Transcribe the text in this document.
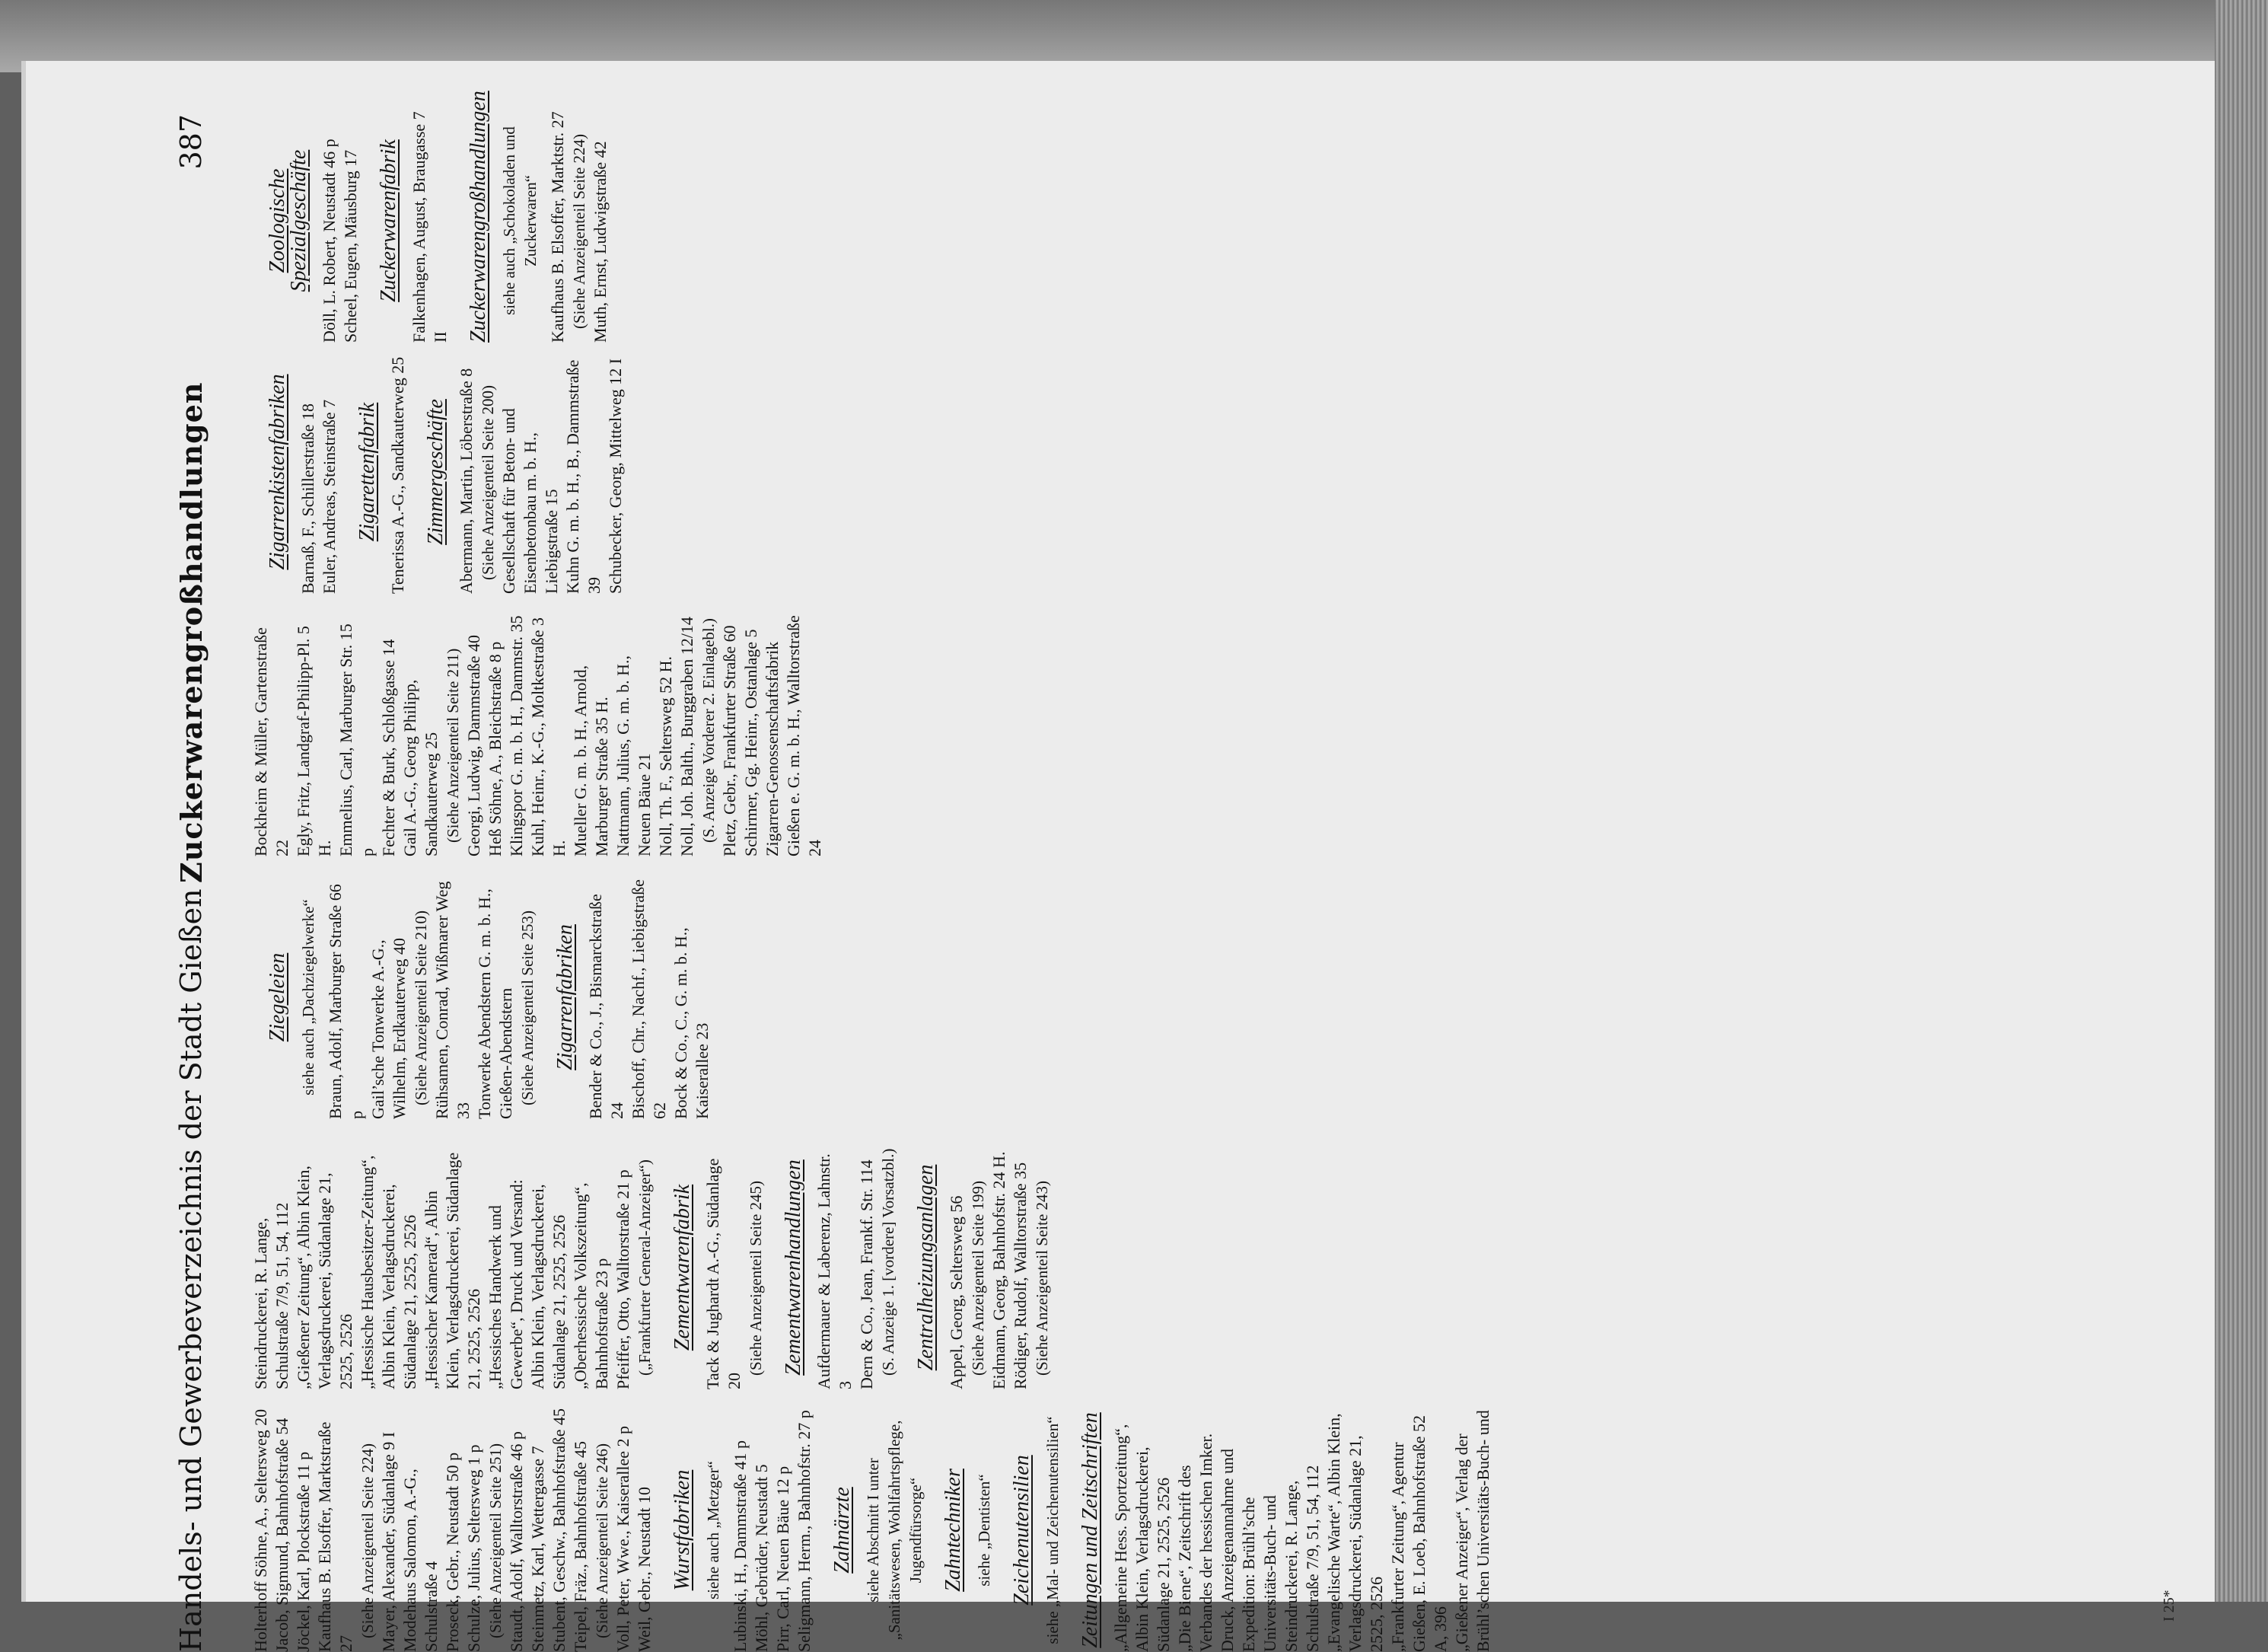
Handels- und Gewerbeverzeichnis der Stadt Gießen
Zuckerwarengroßhandlungen
387

Holterhoff Söhne, A., Seltersweg 20 Jacob, Sigmund, Bahnhofstraße 54 Jöckel, Karl, Plockstraße 11 p Kaufhaus B. Elsoffer, Marktstraße 27

(Siehe Anzeigenteil Seite 224) Mayer, Alexander, Südanlage 9 I Modehaus Salomon, A.-G., Schulstraße 4 Proseck, Gebr., Neustadt 50 p Schulze, Julius, Seltersweg 1 p (Siehe Anzeigenteil Seite 251) Staudt, Adolf, Walltorstraße 46 p Steinmetz, Karl, Wettergasse 7 Stubent, Geschw., Bahnhofstraße 45 Teipel, Fräz., Bahnhofstraße 45 (Siehe Anzeigenteil Seite 246) Voll, Peter, Wwe., Kaiserallee 2 p Weil, Gebr., Neustadt 10 Wurstfabriken siehe auch „Metzger“ Lubinski, H., Dammstraße 41 p Möhl, Gebrüder, Neustadt 5 Pirr, Carl, Neuen Bäue 12 p Seligmann, Herm., Bahnhofstr. 27 p Zahnärzte siehe Abschnitt I unter „Sanitätswesen, Wohlfahrtspflege, Jugendfürsorge“ Zahntechniker siehe „Dentisten“ Zeichenutensilien siehe „Mal- und Zeichenutensilien“ Zeitungen und Zeitschriften „Allgemeine Hess. Sportzeitung“, Albin Klein, Verlagsdruckerei, Südanlage 21, 2525, 2526 „Die Biene“, Zeitschrift des Verbandes der hessischen Imker. Druck, Anzeigenannahme und Expedition: Brühl’sche Universitäts-Buch- und Steindruckerei, R. Lange, Schulstraße 7/9, 51, 54, 112 „Evangelische Warte“, Albin Klein, Verlagsdruckerei, Südanlage 21, 2525, 2526 „Frankfurter Zeitung“, Agentur Gießen, E. Loeb, Bahnhofstraße 52 A, 396 „Gießener Anzeiger“, Verlag der Brühl’schen Universitäts-Buch- und

Steindruckerei, R. Lange, Schulstraße 7/9, 51, 54, 112 „Gießener Zeitung“, Albin Klein, Verlagsdruckerei, Südanlage 21, 2525, 2526 „Hessische Hausbesitzer-Zeitung“, Albin Klein, Verlagsdruckerei, Südanlage 21, 2525, 2526 „Hessischer Kamerad“, Albin Klein, Verlagsdruckerei, Südanlage 21, 2525, 2526 „Hessisches Handwerk und Gewerbe“, Druck und Versand: Albin Klein, Verlagsdruckerei, Südanlage 21, 2525, 2526 „Oberhessische Volkszeitung“, Bahnhofstraße 23 p Pfeiffer, Otto, Walltorstraße 21 p („Frankfurter General-Anzeiger“) Zementwarenfabrik Tack & Jughardt A.-G., Südanlage 20

(Siehe Anzeigenteil Seite 245) Zementwarenhandlungen Aufdermauer & Laberenz, Lahnstr. 3 Dern & Co., Jean, Frankf. Str. 114 (S. Anzeige 1. [vordere] Vorsatzbl.) Zentralheizungsanlagen Appel, Georg, Seltersweg 56 (Siehe Anzeigenteil Seite 199) Eidmann, Georg, Bahnhofstr. 24 H. Rödiger, Rudolf, Walltorstraße 35 (Siehe Anzeigenteil Seite 243)

Ziegeleien siehe auch „Dachziegelwerke“ Braun, Adolf, Marburger Straße 66 p Gail’sche Tonwerke A.-G., Wilhelm, Erdkauterweg 40 (Siehe Anzeigenteil Seite 210) Rühsamen, Conrad, Wißmarer Weg 33 Tonwerke Abendstern G. m. b. H., Gießen-Abendstern (Siehe Anzeigenteil Seite 253) Zigarrenfabriken Bender & Co., J., Bismarckstraße 24 Bischoff, Chr., Nachf., Liebigstraße 62 Bock & Co., C., G. m. b. H., Kaiserallee 23

Bockheim & Müller, Gartenstraße 22 Egly, Fritz, Landgraf-Philipp-Pl. 5 H. Emmelius, Carl, Marburger Str. 15 p Fechter & Burk, Schloßgasse 14 Gail A.-G., Georg Philipp, Sandkauterweg 25 (Siehe Anzeigenteil Seite 211) Georgi, Ludwig, Dammstraße 40 Heß Söhne, A., Bleichstraße 8 p Klingspor G. m. b. H., Dammstr. 35 Kuhl, Heinr., K.-G., Moltkestraße 3 H. Mueller G. m. b. H., Arnold, Marburger Straße 35 H. Nattmann, Julius, G. m. b. H., Neuen Bäue 21 Noll, Th. F., Seltersweg 52 H. Noll, Joh. Balth., Burggraben 12/14 (S. Anzeige Vorderer 2. Einlagebl.) Pletz, Gebr., Frankfurter Straße 60 Schirmer, Gg. Heinr., Ostanlage 5 Zigarren-Genossenschaftsfabrik Gießen e. G. m. b. H., Walltorstraße 24

Zigarrenkistenfabriken Barnaß, F., Schillerstraße 18 Euler, Andreas, Steinstraße 7 Zigarettenfabrik Tenerissa A.-G., Sandkauterweg 25 Zimmergeschäfte Abermann, Martin, Löberstraße 8 (Siehe Anzeigenteil Seite 200) Gesellschaft für Beton- und Eisenbetonbau m. b. H., Liebigstraße 15 Kuhn G. m. b. H., B., Dammstraße 39 Schubecker, Georg, Mittelweg 12 I

Zoologische Spezialgeschäfte Döll, L. Robert, Neustadt 46 p Scheel, Eugen, Mäusburg 17 Zuckerwarenfabrik Falkenhagen, August, Braugasse 7 II Zuckerwarengroßhandlungen siehe auch „Schokoladen und Zuckerwaren“ Kaufhaus B. Elsoffer, Marktstr. 27 (Siehe Anzeigenteil Seite 224) Muth, Ernst, Ludwigstraße 42

I 25*
